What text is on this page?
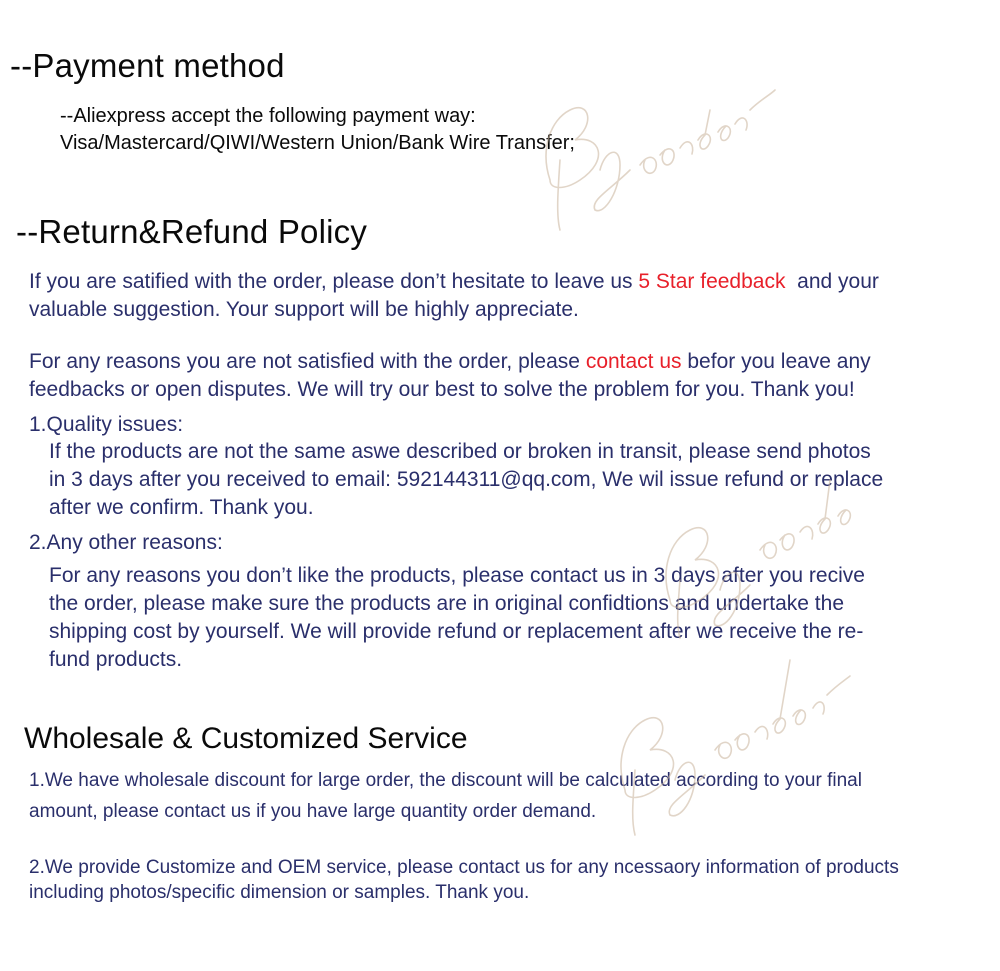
--Payment method
--Aliexpress accept the following payment way:
Visa/Mastercard/QIWI/Western Union/Bank Wire Transfer;
--Return&Refund Policy
If you are satified with the order, please don’t hesitate to leave us 5 Star feedback  and your
valuable suggestion. Your support will be highly appreciate.
For any reasons you are not satisfied with the order, please contact us befor you leave any
feedbacks or open disputes. We will try our best to solve the problem for you. Thank you!
1.Quality issues:
If the products are not the same aswe described or broken in transit, please send photos
in 3 days after you received to email: 592144311@qq.com, We wil issue refund or replace
after we confirm. Thank you.
2.Any other reasons:
For any reasons you don’t like the products, please contact us in 3 days after you recive
the order, please make sure the products are in original confidtions and undertake the
shipping cost by yourself. We will provide refund or replacement after we receive the re-
fund products.
Wholesale & Customized Service
1.We have wholesale discount for large order, the discount will be calculated according to your final
amount, please contact us if you have large quantity order demand.
2.We provide Customize and OEM service, please contact us for any ncessaory information of products
including photos/specific dimension or samples. Thank you.
